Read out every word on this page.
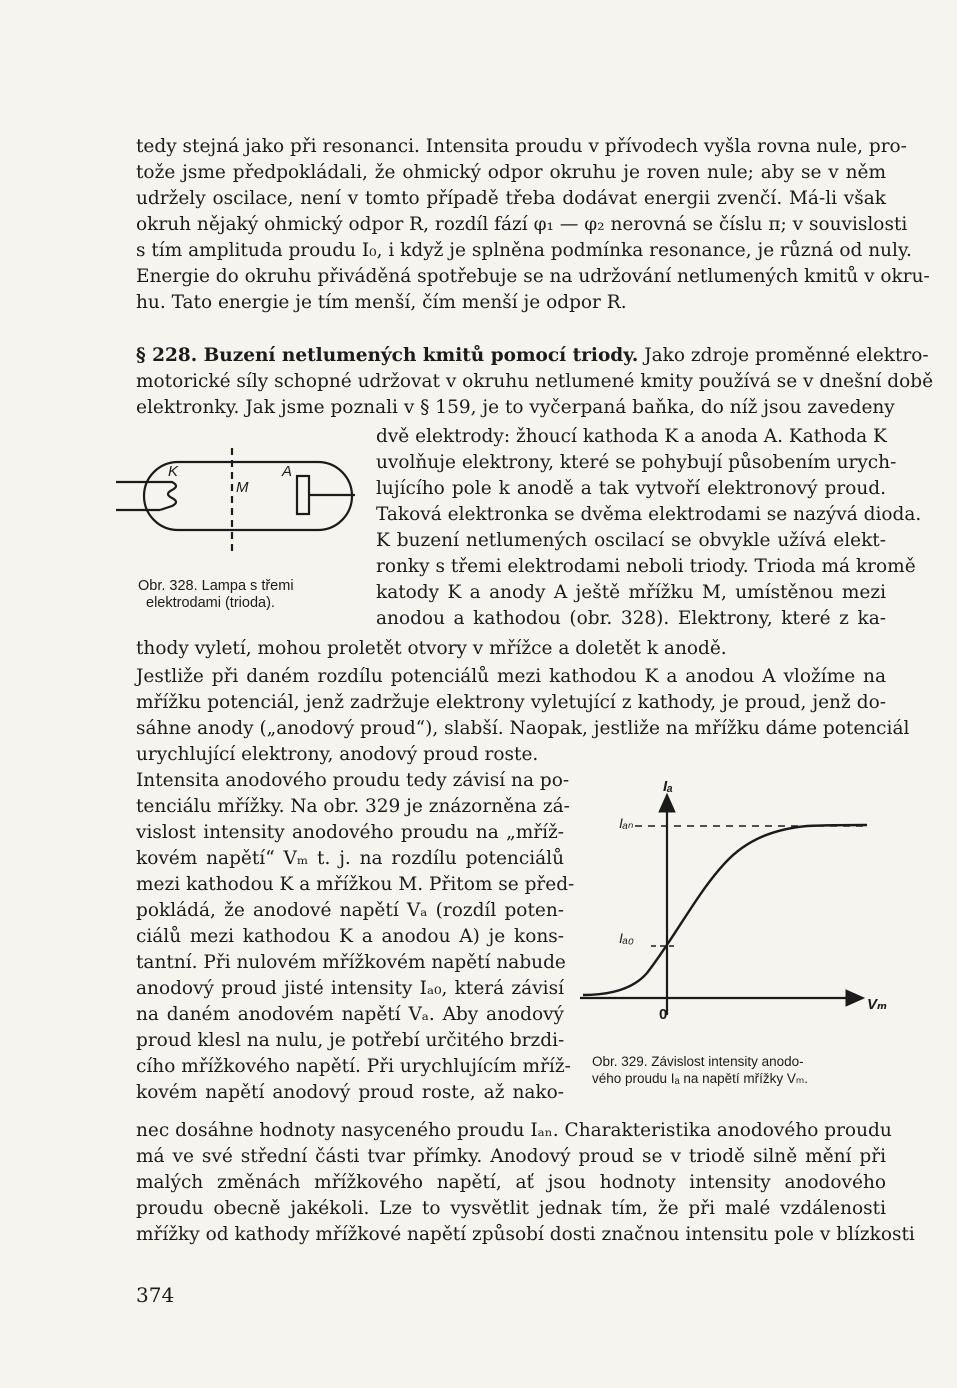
tedy stejná jako při resonanci. Intensita proudu v přívodech vyšla rovna nule, pro-
tože jsme předpokládali, že ohmický odpor okruhu je roven nule; aby se v něm
udržely oscilace, není v tomto případě třeba dodávat energii zvenčí. Má-li však
okruh nějaký ohmický odpor R, rozdíl fází φ₁ — φ₂ nerovná se číslu π; v souvislosti
s tím amplituda proudu I₀, i když je splněna podmínka resonance, je různá od nuly.
Energie do okruhu přiváděná spotřebuje se na udržování netlumených kmitů v okru-
hu. Tato energie je tím menší, čím menší je odpor R.
§ 228. Buzení netlumených kmitů pomocí triody. Jako zdroje proměnné elektro-
motorické síly schopné udržovat v okruhu netlumené kmity používá se v dnešní době
elektronky. Jak jsme poznali v § 159, je to vyčerpaná baňka, do níž jsou zavedeny
dvě elektrody: žhoucí kathoda K a anoda A. Kathoda K
uvolňuje elektrony, které se pohybují působením urych-
lujícího pole k anodě a tak vytvoří elektronový proud.
Taková elektronka se dvěma elektrodami se nazývá dioda.
K buzení netlumených oscilací se obvykle užívá elekt-
ronky s třemi elektrodami neboli triody. Trioda má kromě
katody K a anody A ještě mřížku M, umístěnou mezi
anodou a kathodou (obr. 328). Elektrony, které z ka-
thody vyletí, mohou proletět otvory v mřížce a doletět k anodě.
K
M
A
Obr. 328. Lampa s třemi
elektrodami (trioda).
Jestliže při daném rozdílu potenciálů mezi kathodou K a anodou A vložíme na
mřížku potenciál, jenž zadržuje elektrony vyletující z kathody, je proud, jenž do-
sáhne anody („anodový proud“), slabší. Naopak, jestliže na mřížku dáme potenciál
urychlující elektrony, anodový proud roste.
Intensita anodového proudu tedy závisí na po-
tenciálu mřížky. Na obr. 329 je znázorněna zá-
vislost intensity anodového proudu na „mříž-
kovém napětí“ Vₘ t. j. na rozdílu potenciálů
mezi kathodou K a mřížkou M. Přitom se před-
pokládá, že anodové napětí Vₐ (rozdíl poten-
ciálů mezi kathodou K a anodou A) je kons-
tantní. Při nulovém mřížkovém napětí nabude
anodový proud jisté intensity Iₐ₀, která závisí
na daném anodovém napětí Vₐ. Aby anodový
proud klesl na nulu, je potřebí určitého brzdi-
cího mřížkového napětí. Při urychlujícím mříž-
kovém napětí anodový proud roste, až nako-
nec dosáhne hodnoty nasyceného proudu Iₐₙ. Charakteristika anodového proudu
má ve své střední části tvar přímky. Anodový proud se v triodě silně mění při
malých změnách mřížkového napětí, ať jsou hodnoty intensity anodového
proudu obecně jakékoli. Lze to vysvětlit jednak tím, že při malé vzdálenosti
mřížky od kathody mřížkové napětí způsobí dosti značnou intensitu pole v blízkosti
Iₐ
Vₘ
0
Iₐₙ
Iₐ₀
Obr. 329. Závislost intensity anodo-
vého proudu Iₐ na napětí mřížky Vₘ.
374
